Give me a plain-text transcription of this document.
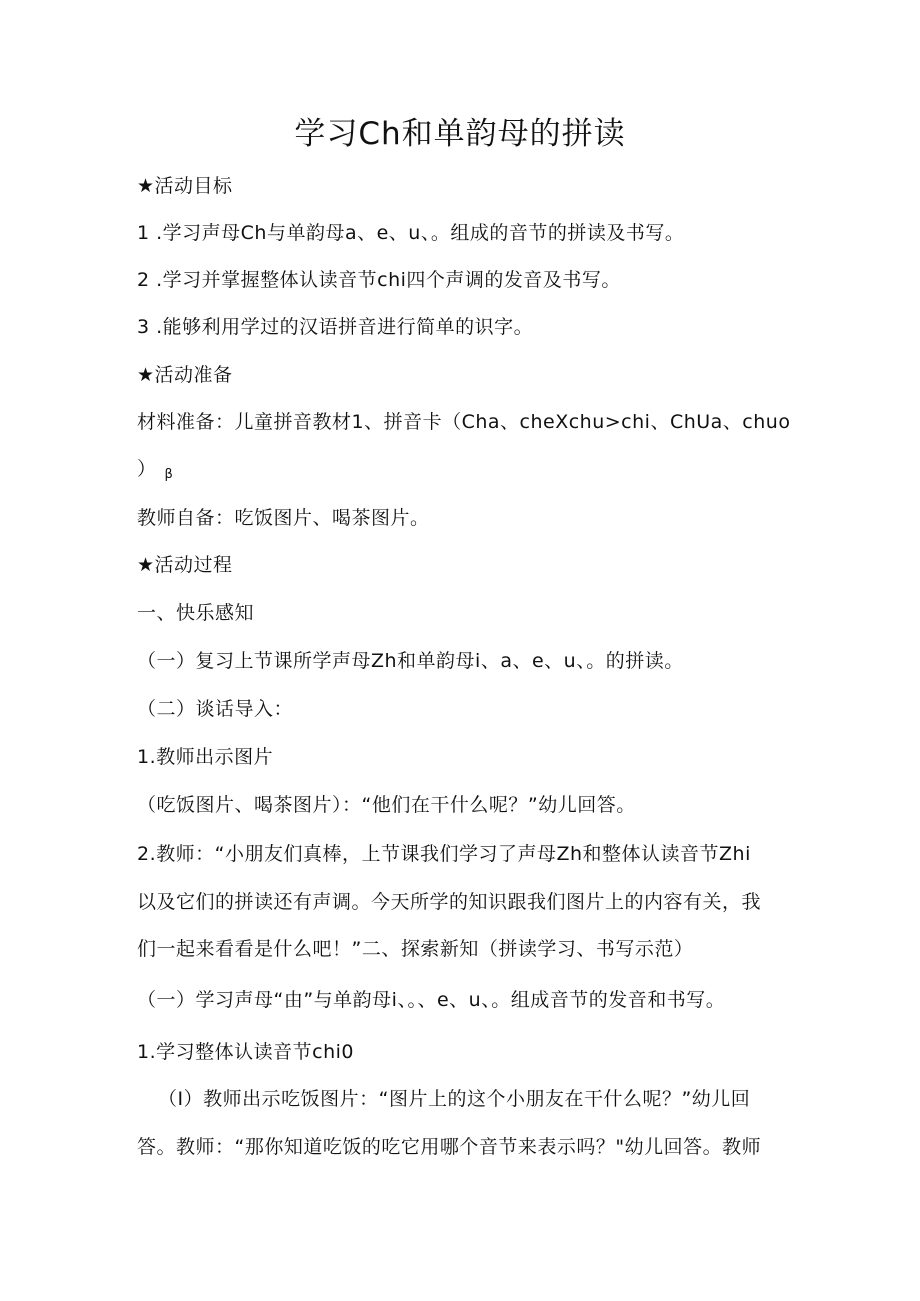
学习Ch和单韵母的拼读
★活动目标
1 .学习声母Ch与单韵母a、e、u、。组成的音节的拼读及书写。
2 .学习并掌握整体认读音节chi四个声调的发音及书写。
3 .能够利用学过的汉语拼音进行简单的识字。
★活动准备
材料准备：儿童拼音教材1、拼音卡（Cha、cheXchu>chi、ChUa、chuo
） β
教师自备：吃饭图片、喝茶图片。
★活动过程
一、快乐感知
（一）复习上节课所学声母Zh和单韵母i、a、e、u、。的拼读。
（二）谈话导入：
1.教师出示图片
（吃饭图片、喝茶图片）：“他们在干什么呢？”幼儿回答。
2.教师：“小朋友们真棒，上节课我们学习了声母Zh和整体认读音节Zhi
以及它们的拼读还有声调。今天所学的知识跟我们图片上的内容有关，我
们一起来看看是什么吧！”二、探索新知（拼读学习、书写示范）
（一）学习声母“由”与单韵母i、。、e、u、。组成音节的发音和书写。
1.学习整体认读音节chi0
（I）教师出示吃饭图片：“图片上的这个小朋友在干什么呢？”幼儿回
答。教师：“那你知道吃饭的吃它用哪个音节来表示吗？"幼儿回答。教师
